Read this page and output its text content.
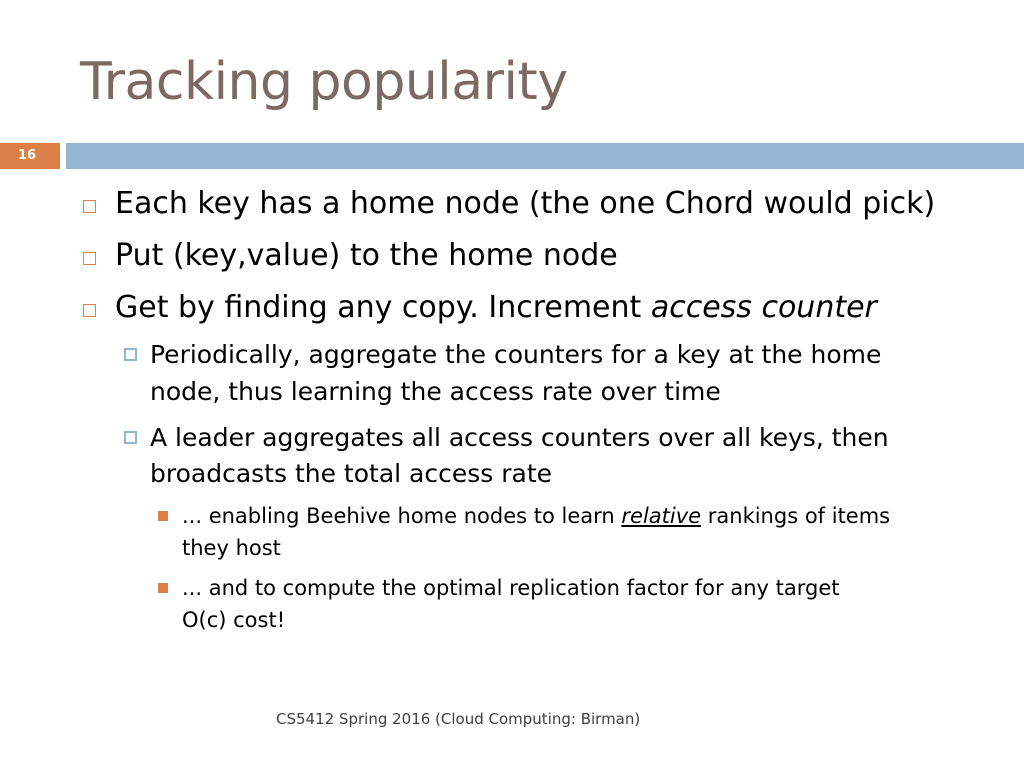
Tracking popularity
16
Each key has a home node (the one Chord would pick)
Put (key,value) to the home node
Get by finding any copy. Increment access counter
Periodically, aggregate the counters for a key at the home
node, thus learning the access rate over time
A leader aggregates all access counters over all keys, then
broadcasts the total access rate
... enabling Beehive home nodes to learn relative rankings of items
they host
... and to compute the optimal replication factor for any target
O(c) cost!
CS5412 Spring 2016 (Cloud Computing: Birman)
